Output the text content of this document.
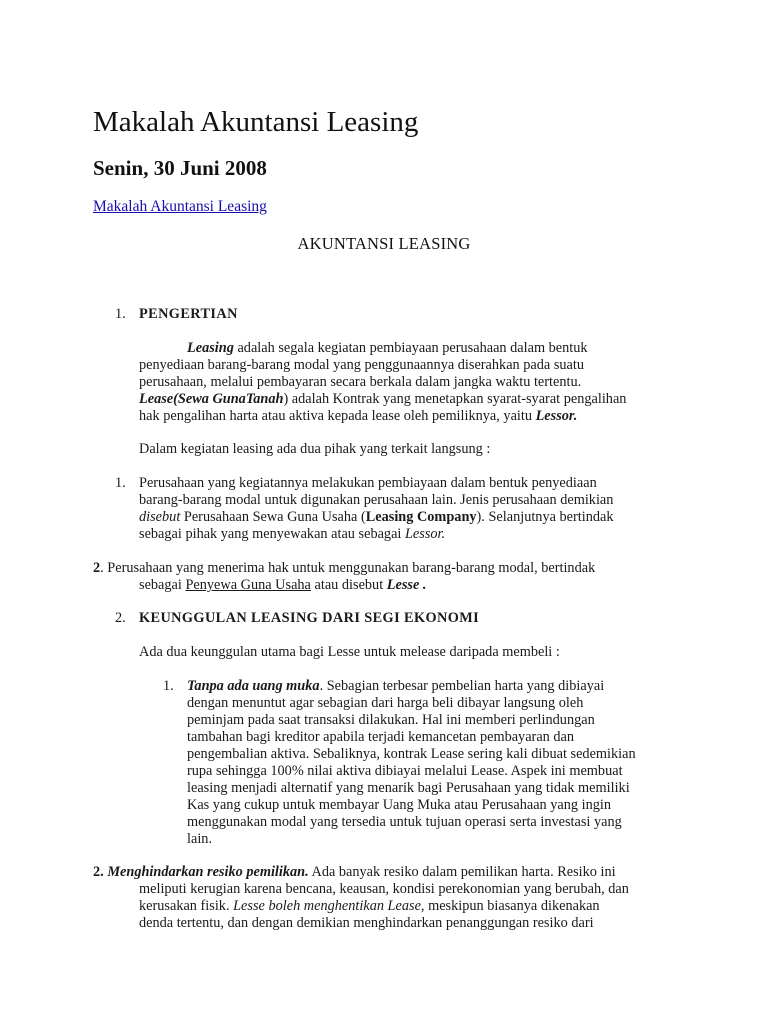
Makalah Akuntansi Leasing
Senin, 30 Juni 2008
Makalah Akuntansi Leasing
AKUNTANSI LEASING
1. PENGERTIAN
Leasing adalah segala kegiatan pembiayaan perusahaan dalam bentuk
penyediaan barang-barang modal yang penggunaannya diserahkan pada suatu
perusahaan, melalui pembayaran secara berkala dalam jangka waktu tertentu.
Lease(Sewa GunaTanah) adalah Kontrak yang menetapkan syarat-syarat pengalihan
hak pengalihan harta atau aktiva kepada lease oleh pemiliknya, yaitu Lessor.
Dalam kegiatan leasing ada dua pihak yang terkait langsung :
1. Perusahaan yang kegiatannya melakukan pembiayaan dalam bentuk penyediaan
barang-barang modal untuk digunakan perusahaan lain. Jenis perusahaan demikian
disebut Perusahaan Sewa Guna Usaha (Leasing Company). Selanjutnya bertindak
sebagai pihak yang menyewakan atau sebagai Lessor.
2. Perusahaan yang menerima hak untuk menggunakan barang-barang modal, bertindak
sebagai Penyewa Guna Usaha atau disebut Lesse .
2. KEUNGGULAN LEASING DARI SEGI EKONOMI
Ada dua keunggulan utama bagi Lesse untuk melease daripada membeli :
1. Tanpa ada uang muka. Sebagian terbesar pembelian harta yang dibiayai
dengan menuntut agar sebagian dari harga beli dibayar langsung oleh
peminjam pada saat transaksi dilakukan. Hal ini memberi perlindungan
tambahan bagi kreditor apabila terjadi kemancetan pembayaran dan
pengembalian aktiva. Sebaliknya, kontrak Lease sering kali dibuat sedemikian
rupa sehingga 100% nilai aktiva dibiayai melalui Lease. Aspek ini membuat
leasing menjadi alternatif yang menarik bagi Perusahaan yang tidak memiliki
Kas yang cukup untuk membayar Uang Muka atau Perusahaan yang ingin
menggunakan modal yang tersedia untuk tujuan operasi serta investasi yang
lain.
2. Menghindarkan resiko pemilikan. Ada banyak resiko dalam pemilikan harta. Resiko ini
meliputi kerugian karena bencana, keausan, kondisi perekonomian yang berubah, dan
kerusakan fisik. Lesse boleh menghentikan Lease, meskipun biasanya dikenakan
denda tertentu, dan dengan demikian menghindarkan penanggungan resiko dari
